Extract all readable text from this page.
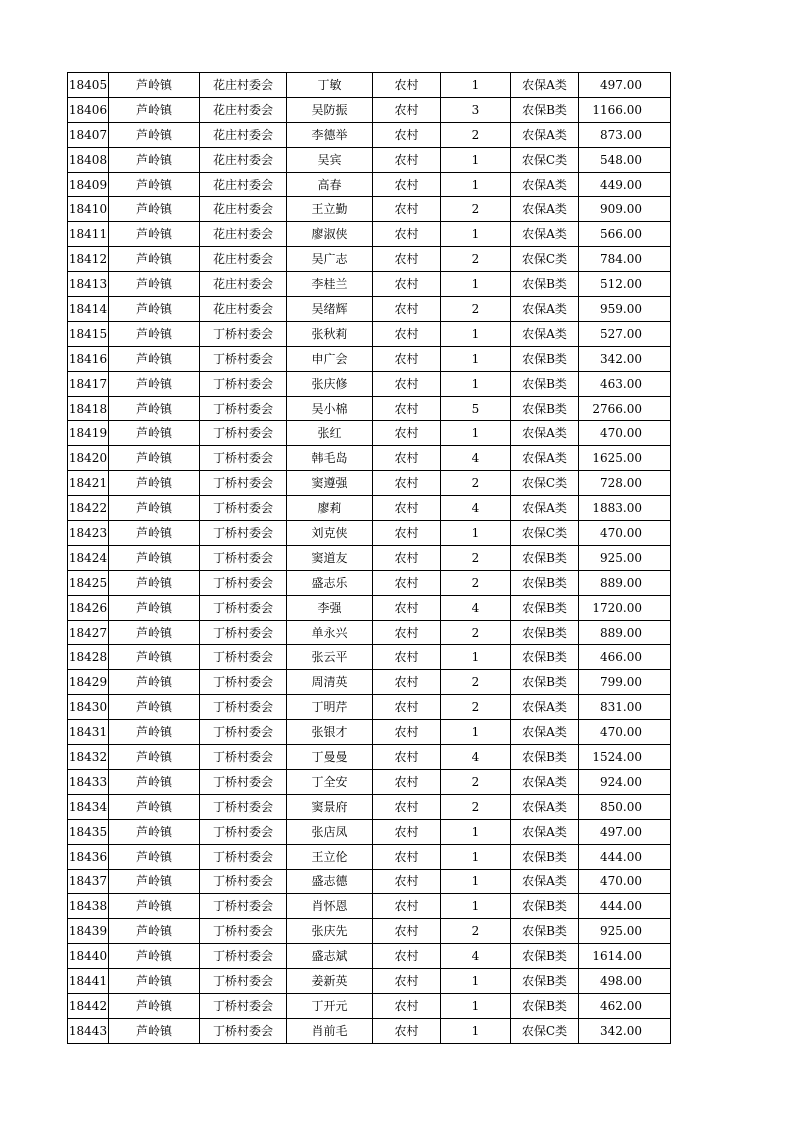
18405	芦岭镇	花庄村委会	丁敏	农村	1	农保A类	497.00
18406	芦岭镇	花庄村委会	吴防振	农村	3	农保B类	1166.00
18407	芦岭镇	花庄村委会	李德举	农村	2	农保A类	873.00
18408	芦岭镇	花庄村委会	吴宾	农村	1	农保C类	548.00
18409	芦岭镇	花庄村委会	高春	农村	1	农保A类	449.00
18410	芦岭镇	花庄村委会	王立勤	农村	2	农保A类	909.00
18411	芦岭镇	花庄村委会	廖淑侠	农村	1	农保A类	566.00
18412	芦岭镇	花庄村委会	吴广志	农村	2	农保C类	784.00
18413	芦岭镇	花庄村委会	李桂兰	农村	1	农保B类	512.00
18414	芦岭镇	花庄村委会	吴绪辉	农村	2	农保A类	959.00
18415	芦岭镇	丁桥村委会	张秋莉	农村	1	农保A类	527.00
18416	芦岭镇	丁桥村委会	申广会	农村	1	农保B类	342.00
18417	芦岭镇	丁桥村委会	张庆修	农村	1	农保B类	463.00
18418	芦岭镇	丁桥村委会	吴小棉	农村	5	农保B类	2766.00
18419	芦岭镇	丁桥村委会	张红	农村	1	农保A类	470.00
18420	芦岭镇	丁桥村委会	韩毛岛	农村	4	农保A类	1625.00
18421	芦岭镇	丁桥村委会	窦遵强	农村	2	农保C类	728.00
18422	芦岭镇	丁桥村委会	廖莉	农村	4	农保A类	1883.00
18423	芦岭镇	丁桥村委会	刘克侠	农村	1	农保C类	470.00
18424	芦岭镇	丁桥村委会	窦道友	农村	2	农保B类	925.00
18425	芦岭镇	丁桥村委会	盛志乐	农村	2	农保B类	889.00
18426	芦岭镇	丁桥村委会	李强	农村	4	农保B类	1720.00
18427	芦岭镇	丁桥村委会	单永兴	农村	2	农保B类	889.00
18428	芦岭镇	丁桥村委会	张云平	农村	1	农保B类	466.00
18429	芦岭镇	丁桥村委会	周清英	农村	2	农保B类	799.00
18430	芦岭镇	丁桥村委会	丁明芹	农村	2	农保A类	831.00
18431	芦岭镇	丁桥村委会	张银才	农村	1	农保A类	470.00
18432	芦岭镇	丁桥村委会	丁曼曼	农村	4	农保B类	1524.00
18433	芦岭镇	丁桥村委会	丁全安	农村	2	农保A类	924.00
18434	芦岭镇	丁桥村委会	窦景府	农村	2	农保A类	850.00
18435	芦岭镇	丁桥村委会	张店凤	农村	1	农保A类	497.00
18436	芦岭镇	丁桥村委会	王立伦	农村	1	农保B类	444.00
18437	芦岭镇	丁桥村委会	盛志德	农村	1	农保A类	470.00
18438	芦岭镇	丁桥村委会	肖怀恩	农村	1	农保B类	444.00
18439	芦岭镇	丁桥村委会	张庆先	农村	2	农保B类	925.00
18440	芦岭镇	丁桥村委会	盛志斌	农村	4	农保B类	1614.00
18441	芦岭镇	丁桥村委会	姜新英	农村	1	农保B类	498.00
18442	芦岭镇	丁桥村委会	丁开元	农村	1	农保B类	462.00
18443	芦岭镇	丁桥村委会	肖前毛	农村	1	农保C类	342.00
